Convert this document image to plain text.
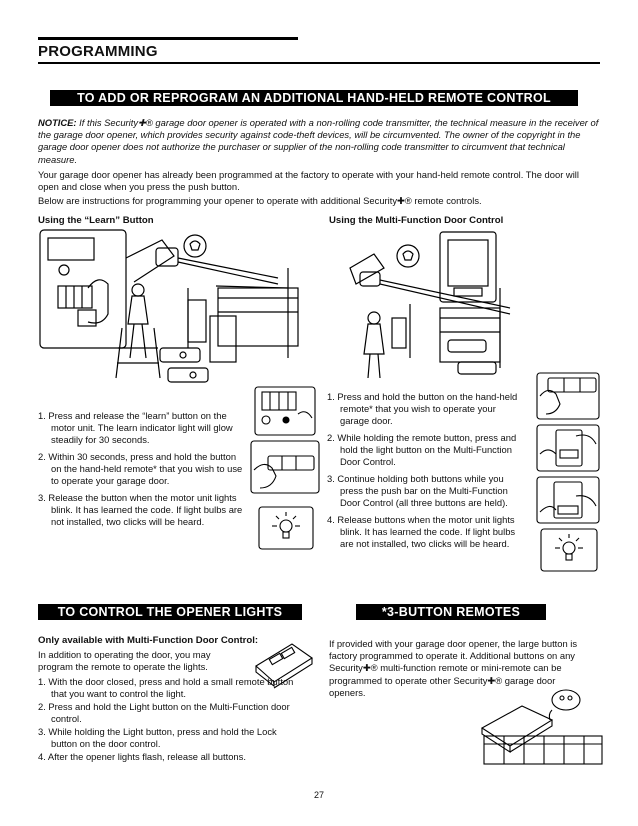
PROGRAMMING
TO ADD OR REPROGRAM AN ADDITIONAL HAND-HELD REMOTE CONTROL
NOTICE: If this Security✚® garage door opener is operated with a non-rolling code transmitter, the technical measure in the receiver of the garage door opener, which provides security against code-theft devices, will be circumvented. The owner of the copyright in the garage door opener does not authorize the purchaser or supplier of the non-rolling code transmitter to circumvent that technical measure.
Your garage door opener has already been programmed at the factory to operate with your hand-held remote control. The door will open and close when you press the push button.
Below are instructions for programming your opener to operate with additional Security✚® remote controls.
Using the “Learn” Button	Using the Multi-Function Door Control
1. Press and release the “learn” button on the motor unit. The learn indicator light will glow steadily for 30 seconds.
2. Within 30 seconds, press and hold the button on the hand-held remote* that you wish to use to operate your garage door.
3. Release the button when the motor unit lights blink. It has learned the code. If light bulbs are not installed, two clicks will be heard.
1. Press and hold the button on the hand-held remote* that you wish to operate your garage door.
2. While holding the remote button, press and hold the light button on the Multi-Function Door Control.
3. Continue holding both buttons while you press the push bar on the Multi-Function Door Control (all three buttons are held).
4. Release buttons when the motor unit lights blink. It has learned the code. If light bulbs are not installed, two clicks will be heard.
TO CONTROL THE OPENER LIGHTS	*3-BUTTON REMOTES
Only available with Multi-Function Door Control:
In addition to operating the door, you may program the remote to operate the lights.
1. With the door closed, press and hold a small remote button that you want to control the light.
2. Press and hold the Light button on the Multi-Function door control.
3. While holding the Light button, press and hold the Lock button on the door control.
4. After the opener lights flash, release all buttons.
If provided with your garage door opener, the large button is factory programmed to operate it. Additional buttons on any Security✚® multi-function remote or mini-remote can be programmed to operate other Security✚® garage door openers.
27
